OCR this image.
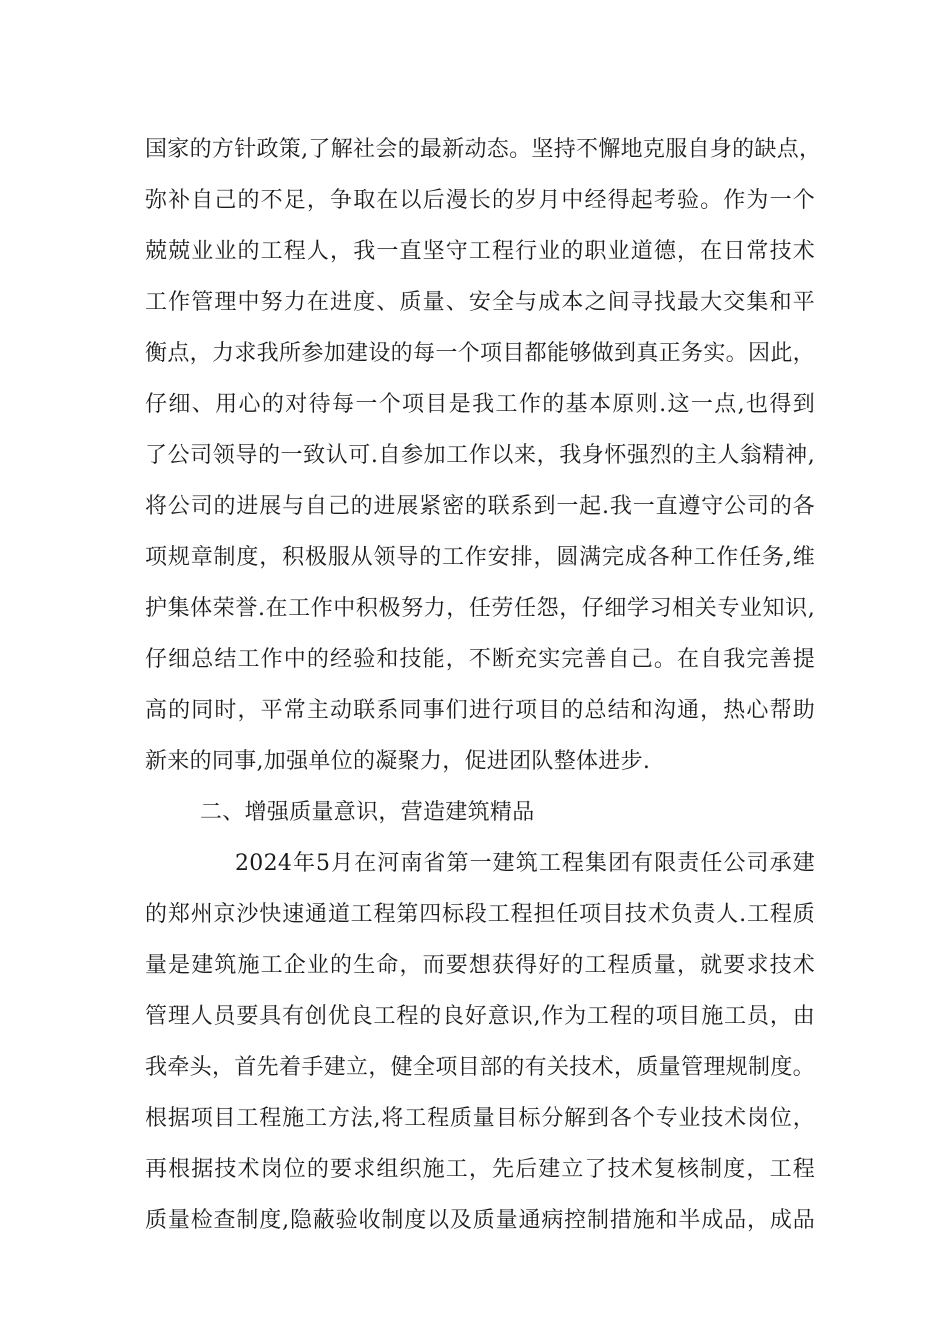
国家的方针政策,了解社会的最新动态。坚持不懈地克服自身的缺点，
弥补自己的不足，争取在以后漫长的岁月中经得起考验。作为一个
兢兢业业的工程人，我一直坚守工程行业的职业道德，在日常技术
工作管理中努力在进度、质量、安全与成本之间寻找最大交集和平
衡点，力求我所参加建设的每一个项目都能够做到真正务实。因此，
仔细、用心的对待每一个项目是我工作的基本原则.这一点,也得到
了公司领导的一致认可.自参加工作以来，我身怀强烈的主人翁精神,
将公司的进展与自己的进展紧密的联系到一起.我一直遵守公司的各
项规章制度，积极服从领导的工作安排，圆满完成各种工作任务,维
护集体荣誉.在工作中积极努力，任劳任怨，仔细学习相关专业知识,
仔细总结工作中的经验和技能，不断充实完善自己。在自我完善提
高的同时，平常主动联系同事们进行项目的总结和沟通，热心帮助
新来的同事,加强单位的凝聚力，促进团队整体进步.
二、增强质量意识，营造建筑精品
2024年5月在河南省第一建筑工程集团有限责任公司承建
的郑州京沙快速通道工程第四标段工程担任项目技术负责人.工程质
量是建筑施工企业的生命，而要想获得好的工程质量，就要求技术
管理人员要具有创优良工程的良好意识,作为工程的项目施工员，由
我牵头，首先着手建立，健全项目部的有关技术，质量管理规制度。
根据项目工程施工方法,将工程质量目标分解到各个专业技术岗位，
再根据技术岗位的要求组织施工，先后建立了技术复核制度，工程
质量检查制度,隐蔽验收制度以及质量通病控制措施和半成品，成品
